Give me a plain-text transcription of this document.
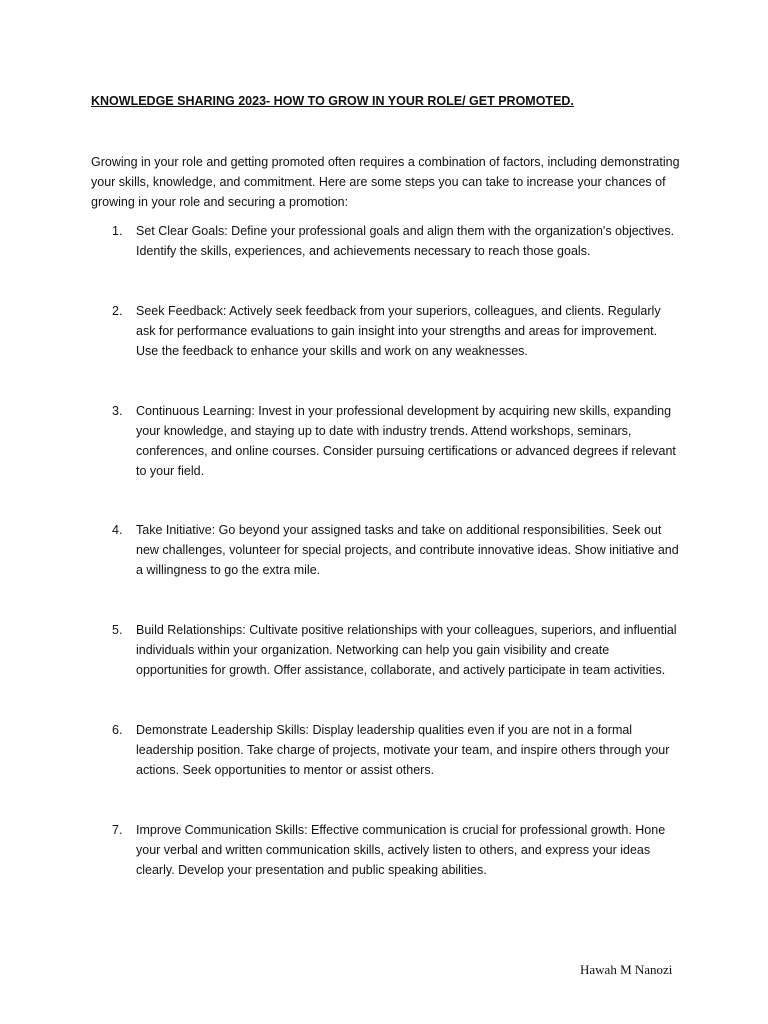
KNOWLEDGE SHARING 2023- HOW TO GROW IN YOUR ROLE/ GET PROMOTED.
Growing in your role and getting promoted often requires a combination of factors, including demonstrating your skills, knowledge, and commitment. Here are some steps you can take to increase your chances of growing in your role and securing a promotion:
1.	Set Clear Goals: Define your professional goals and align them with the organization's objectives. Identify the skills, experiences, and achievements necessary to reach those goals.
2.	Seek Feedback: Actively seek feedback from your superiors, colleagues, and clients. Regularly ask for performance evaluations to gain insight into your strengths and areas for improvement. Use the feedback to enhance your skills and work on any weaknesses.
3.	Continuous Learning: Invest in your professional development by acquiring new skills, expanding your knowledge, and staying up to date with industry trends. Attend workshops, seminars, conferences, and online courses. Consider pursuing certifications or advanced degrees if relevant to your field.
4.	Take Initiative: Go beyond your assigned tasks and take on additional responsibilities. Seek out new challenges, volunteer for special projects, and contribute innovative ideas. Show initiative and a willingness to go the extra mile.
5.	Build Relationships: Cultivate positive relationships with your colleagues, superiors, and influential individuals within your organization. Networking can help you gain visibility and create opportunities for growth. Offer assistance, collaborate, and actively participate in team activities.
6.	Demonstrate Leadership Skills: Display leadership qualities even if you are not in a formal leadership position. Take charge of projects, motivate your team, and inspire others through your actions. Seek opportunities to mentor or assist others.
7.	Improve Communication Skills: Effective communication is crucial for professional growth. Hone your verbal and written communication skills, actively listen to others, and express your ideas clearly. Develop your presentation and public speaking abilities.
Hawah M Nanozi
